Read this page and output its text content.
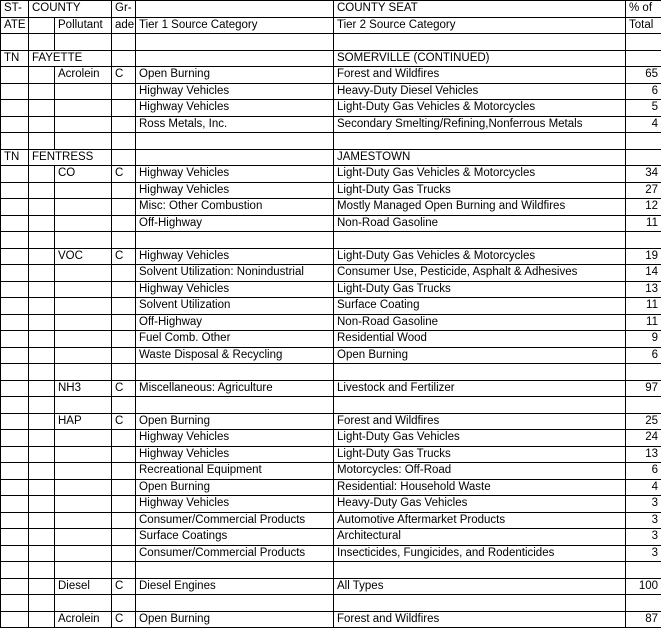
ST-	COUNTY		Gr-		COUNTY SEAT	% of
ATE		Pollutant	ade	Tier 1 Source Category	Tier 2 Source Category	Total

TN	FAYETTE				SOMERVILLE (CONTINUED)	
		Acrolein	C	Open Burning	Forest and Wildfires	65
				Highway Vehicles	Heavy-Duty Diesel Vehicles	6
				Highway Vehicles	Light-Duty Gas Vehicles & Motorcycles	5
				Ross Metals, Inc.	Secondary Smelting/Refining,Nonferrous Metals	4

TN	FENTRESS				JAMESTOWN	
		CO	C	Highway Vehicles	Light-Duty Gas Vehicles & Motorcycles	34
				Highway Vehicles	Light-Duty Gas Trucks	27
				Misc: Other Combustion	Mostly Managed Open Burning and Wildfires	12
				Off-Highway	Non-Road Gasoline	11

		VOC	C	Highway Vehicles	Light-Duty Gas Vehicles & Motorcycles	19
				Solvent Utilization: Nonindustrial	Consumer Use, Pesticide, Asphalt & Adhesives	14
				Highway Vehicles	Light-Duty Gas Trucks	13
				Solvent Utilization	Surface Coating	11
				Off-Highway	Non-Road Gasoline	11
				Fuel Comb. Other	Residential Wood	9
				Waste Disposal & Recycling	Open Burning	6

		NH3	C	Miscellaneous: Agriculture	Livestock and Fertilizer	97

		HAP	C	Open Burning	Forest and Wildfires	25
				Highway Vehicles	Light-Duty Gas Vehicles	24
				Highway Vehicles	Light-Duty Gas Trucks	13
				Recreational Equipment	Motorcycles: Off-Road	6
				Open Burning	Residential: Household Waste	4
				Highway Vehicles	Heavy-Duty Gas Vehicles	3
				Consumer/Commercial Products	Automotive Aftermarket Products	3
				Surface Coatings	Architectural	3
				Consumer/Commercial Products	Insecticides, Fungicides, and Rodenticides	3

		Diesel	C	Diesel Engines	All Types	100

		Acrolein	C	Open Burning	Forest and Wildfires	87
